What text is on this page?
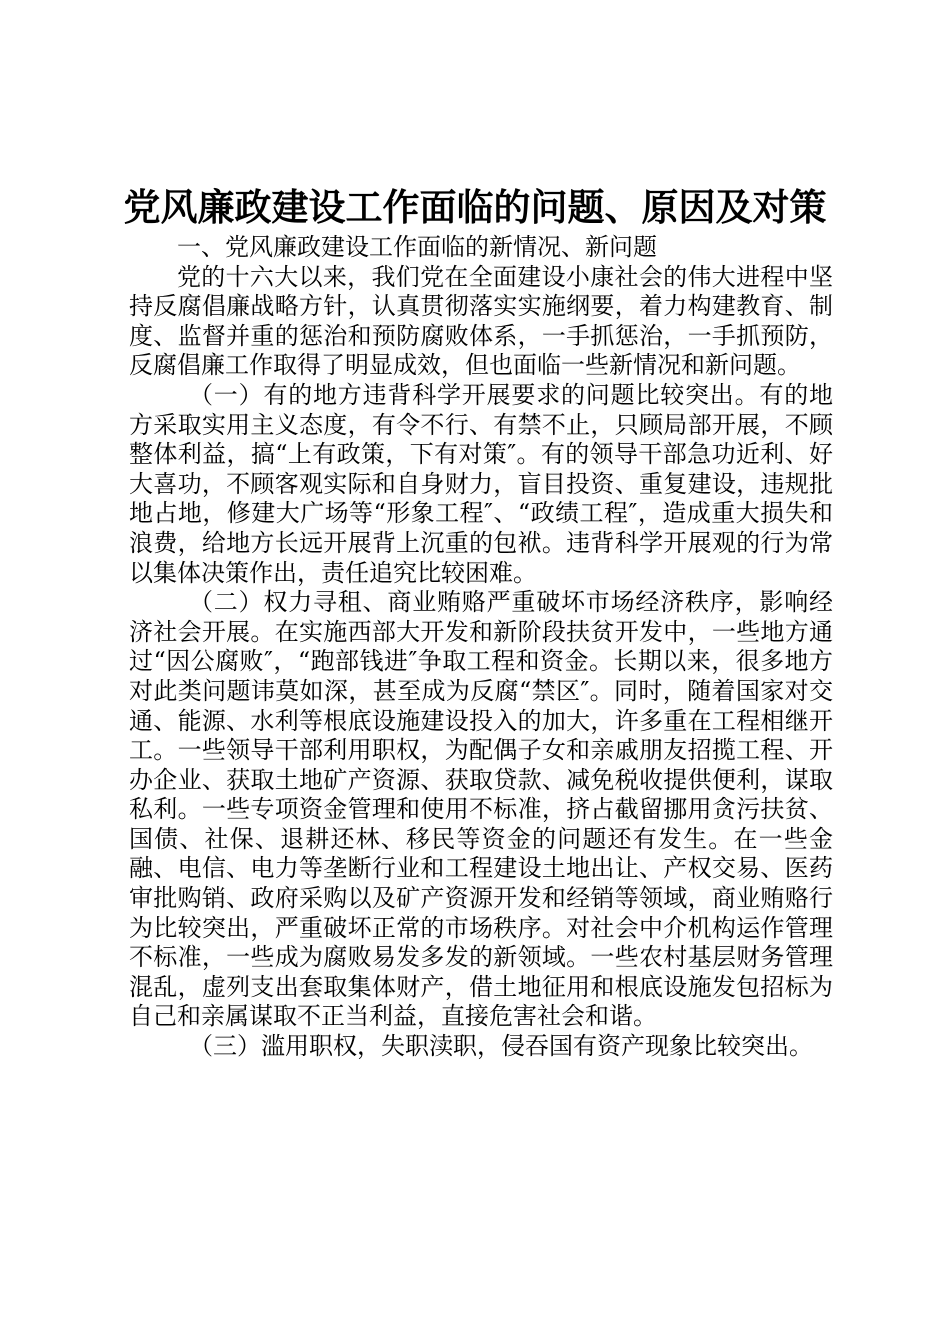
党风廉政建设工作面临的问题、原因及对策

一、党风廉政建设工作面临的新情况、新问题

党的十六大以来，我们党在全面建设小康社会的伟大进程中坚持反腐倡廉战略方针，认真贯彻落实实施纲要，着力构建教育、制度、监督并重的惩治和预防腐败体系，一手抓惩治，一手抓预防，反腐倡廉工作取得了明显成效，但也面临一些新情况和新问题。

（一）有的地方违背科学开展要求的问题比较突出。有的地方采取实用主义态度，有令不行、有禁不止，只顾局部开展，不顾整体利益，搞“上有政策，下有对策″。有的领导干部急功近利、好大喜功，不顾客观实际和自身财力，盲目投资、重复建设，违规批地占地，修建大广场等“形象工程″、“政绩工程″，造成重大损失和浪费，给地方长远开展背上沉重的包袱。违背科学开展观的行为常以集体决策作出，责任追究比较困难。

（二）权力寻租、商业贿赂严重破坏市场经济秩序，影响经济社会开展。在实施西部大开发和新阶段扶贫开发中，一些地方通过“因公腐败″，“跑部钱进″争取工程和资金。长期以来，很多地方对此类问题讳莫如深，甚至成为反腐“禁区″。同时，随着国家对交通、能源、水利等根底设施建设投入的加大，许多重在工程相继开工。一些领导干部利用职权，为配偶子女和亲戚朋友招揽工程、开办企业、获取土地矿产资源、获取贷款、减免税收提供便利，谋取私利。一些专项资金管理和使用不标准，挤占截留挪用贪污扶贫、国债、社保、退耕还林、移民等资金的问题还有发生。在一些金融、电信、电力等垄断行业和工程建设土地出让、产权交易、医药审批购销、政府采购以及矿产资源开发和经销等领域，商业贿赂行为比较突出，严重破坏正常的市场秩序。对社会中介机构运作管理不标准，一些成为腐败易发多发的新领域。一些农村基层财务管理混乱，虚列支出套取集体财产，借土地征用和根底设施发包招标为自己和亲属谋取不正当利益，直接危害社会和谐。

（三）滥用职权，失职渎职，侵吞国有资产现象比较突出。
